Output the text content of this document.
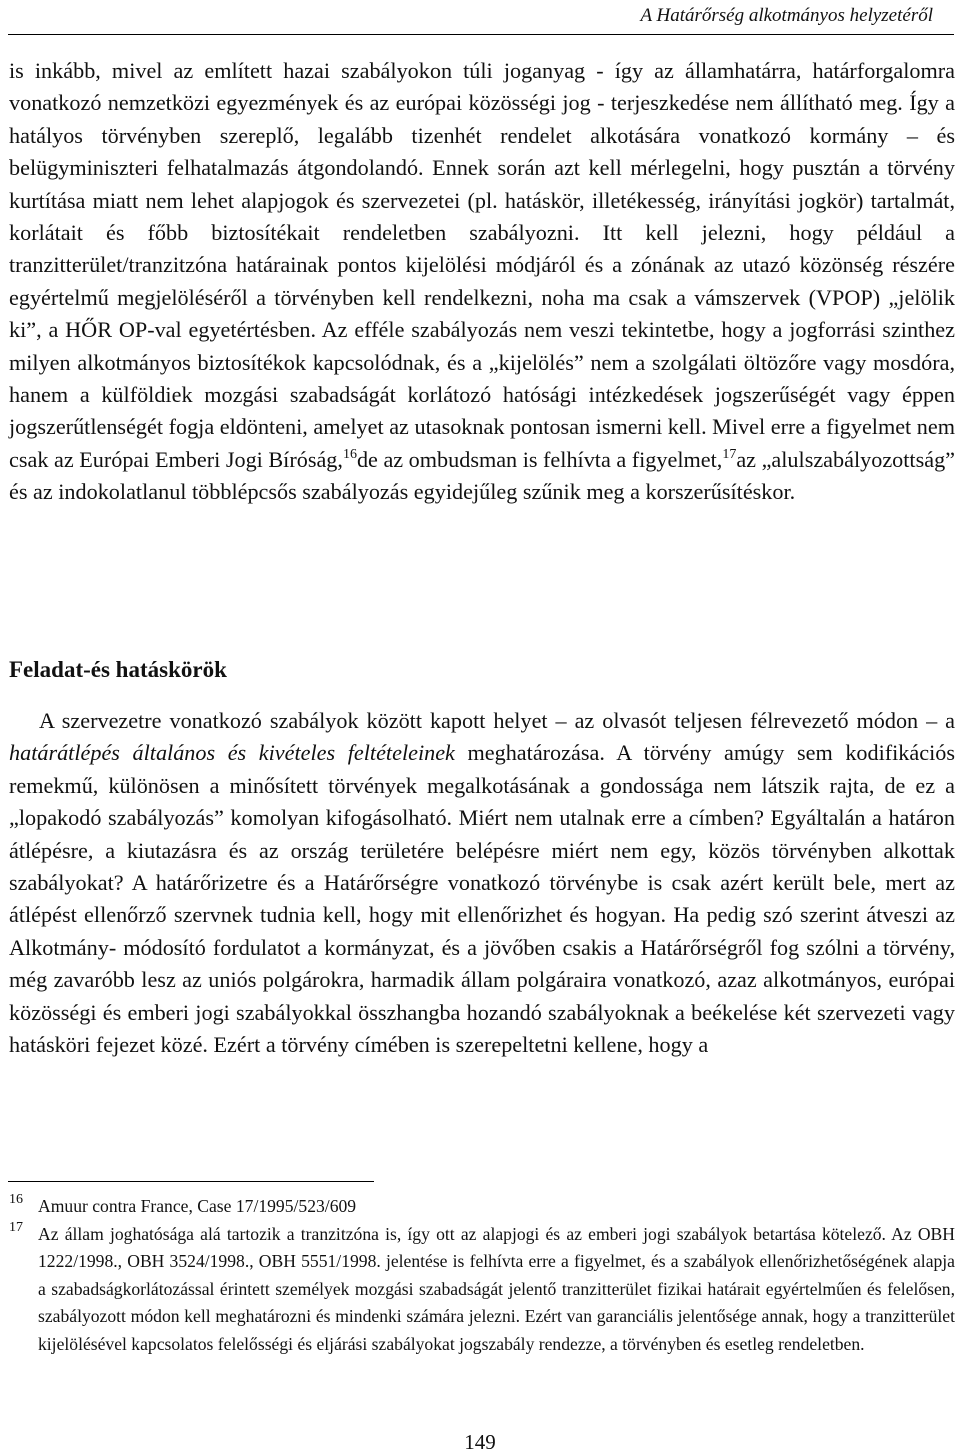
A Határőrség alkotmányos helyzetéről
is inkább, mivel az említett hazai szabályokon túli joganyag - így az államhatárra, határforgalomra vonatkozó nemzetközi egyezmények és az európai közösségi jog - terjeszkedése nem állítható meg. Így a hatályos törvényben szereplő, legalább tizenhét rendelet alkotására vonatkozó kormány – és belügyminiszteri felhatalmazás átgondolandó. Ennek során azt kell mérlegelni, hogy pusztán a törvény kurtítása miatt nem lehet alapjogok és szervezetei (pl. hatáskör, illetékesség, irányítási jogkör) tartalmát, korlátait és főbb biztosítékait rendeletben szabályozni. Itt kell jelezni, hogy például a tranzitterület/tranzitzóna határainak pontos kijelölési módjáról és a zónának az utazó közönség részére egyértelmű megjelöléséről a törvényben kell rendelkezni, noha ma csak a vámszervek (VPOP) „jelölik ki”, a HŐR OP-val egyetértésben. Az efféle szabályozás nem veszi tekintetbe, hogy a jogforrási szinthez milyen alkotmányos biztosítékok kapcsolódnak, és a „kijelölés” nem a szolgálati öltözőre vagy mosdóra, hanem a külföldiek mozgási szabadságát korlátozó hatósági intézkedések jogszerűségét vagy éppen jogszerűtlenségét fogja eldönteni, amelyet az utasoknak pontosan ismerni kell. Mivel erre a figyelmet nem csak az Európai Emberi Jogi Bíróság,$^{16}$de az ombudsman is felhívta a figyelmet,$^{17}$az „alulszabályozottság” és az indokolatlanul többlépcsős szabályozás egyidejűleg szűnik meg a korszerűsítéskor.
Feladat-és hatáskörök
A szervezetre vonatkozó szabályok között kapott helyet – az olvasót teljesen félrevezető módon – a határátlépés általános és kivételes feltételeinek meghatározása. A törvény amúgy sem kodifikációs remekmű, különösen a minősített törvények megalkotásának a gondossága nem látszik rajta, de ez a „lopakodó szabályozás” komolyan kifogásolható. Miért nem utalnak erre a címben? Egyáltalán a határon átlépésre, a kiutazásra és az ország területére belépésre miért nem egy, közös törvényben alkottak szabályokat? A határőrizetre és a Határőrségre vonatkozó törvénybe is csak azért került bele, mert az átlépést ellenőrző szervnek tudnia kell, hogy mit ellenőrizhet és hogyan. Ha pedig szó szerint átveszi az Alkotmány- módosító fordulatot a kormányzat, és a jövőben csakis a Határőrségről fog szólni a törvény, még zavaróbb lesz az uniós polgárokra, harmadik állam polgáraira vonatkozó, azaz alkotmányos, európai közösségi és emberi jogi szabályokkal összhangba hozandó szabályoknak a beékelése két szervezeti vagy hatásköri fejezet közé. Ezért a törvény címében is szerepeltetni kellene, hogy a
16 Amuur contra France, Case 17/1995/523/609
17 Az állam joghatósága alá tartozik a tranzitzóna is, így ott az alapjogi és az emberi jogi szabályok betartása kötelező. Az OBH 1222/1998., OBH 3524/1998., OBH 5551/1998. jelentése is felhívta erre a figyelmet, és a szabályok ellenőrizhetőségének alapja a szabadságkorlátozással érintett személyek mozgási szabadságát jelentő tranzitterület fizikai határait egyértelműen és felelősen, szabályozott módon kell meghatározni és mindenki számára jelezni. Ezért van garanciális jelentősége annak, hogy a tranzitterület kijelölésével kapcsolatos felelősségi és eljárási szabályokat jogszabály rendezze, a törvényben és esetleg rendeletben.
149
